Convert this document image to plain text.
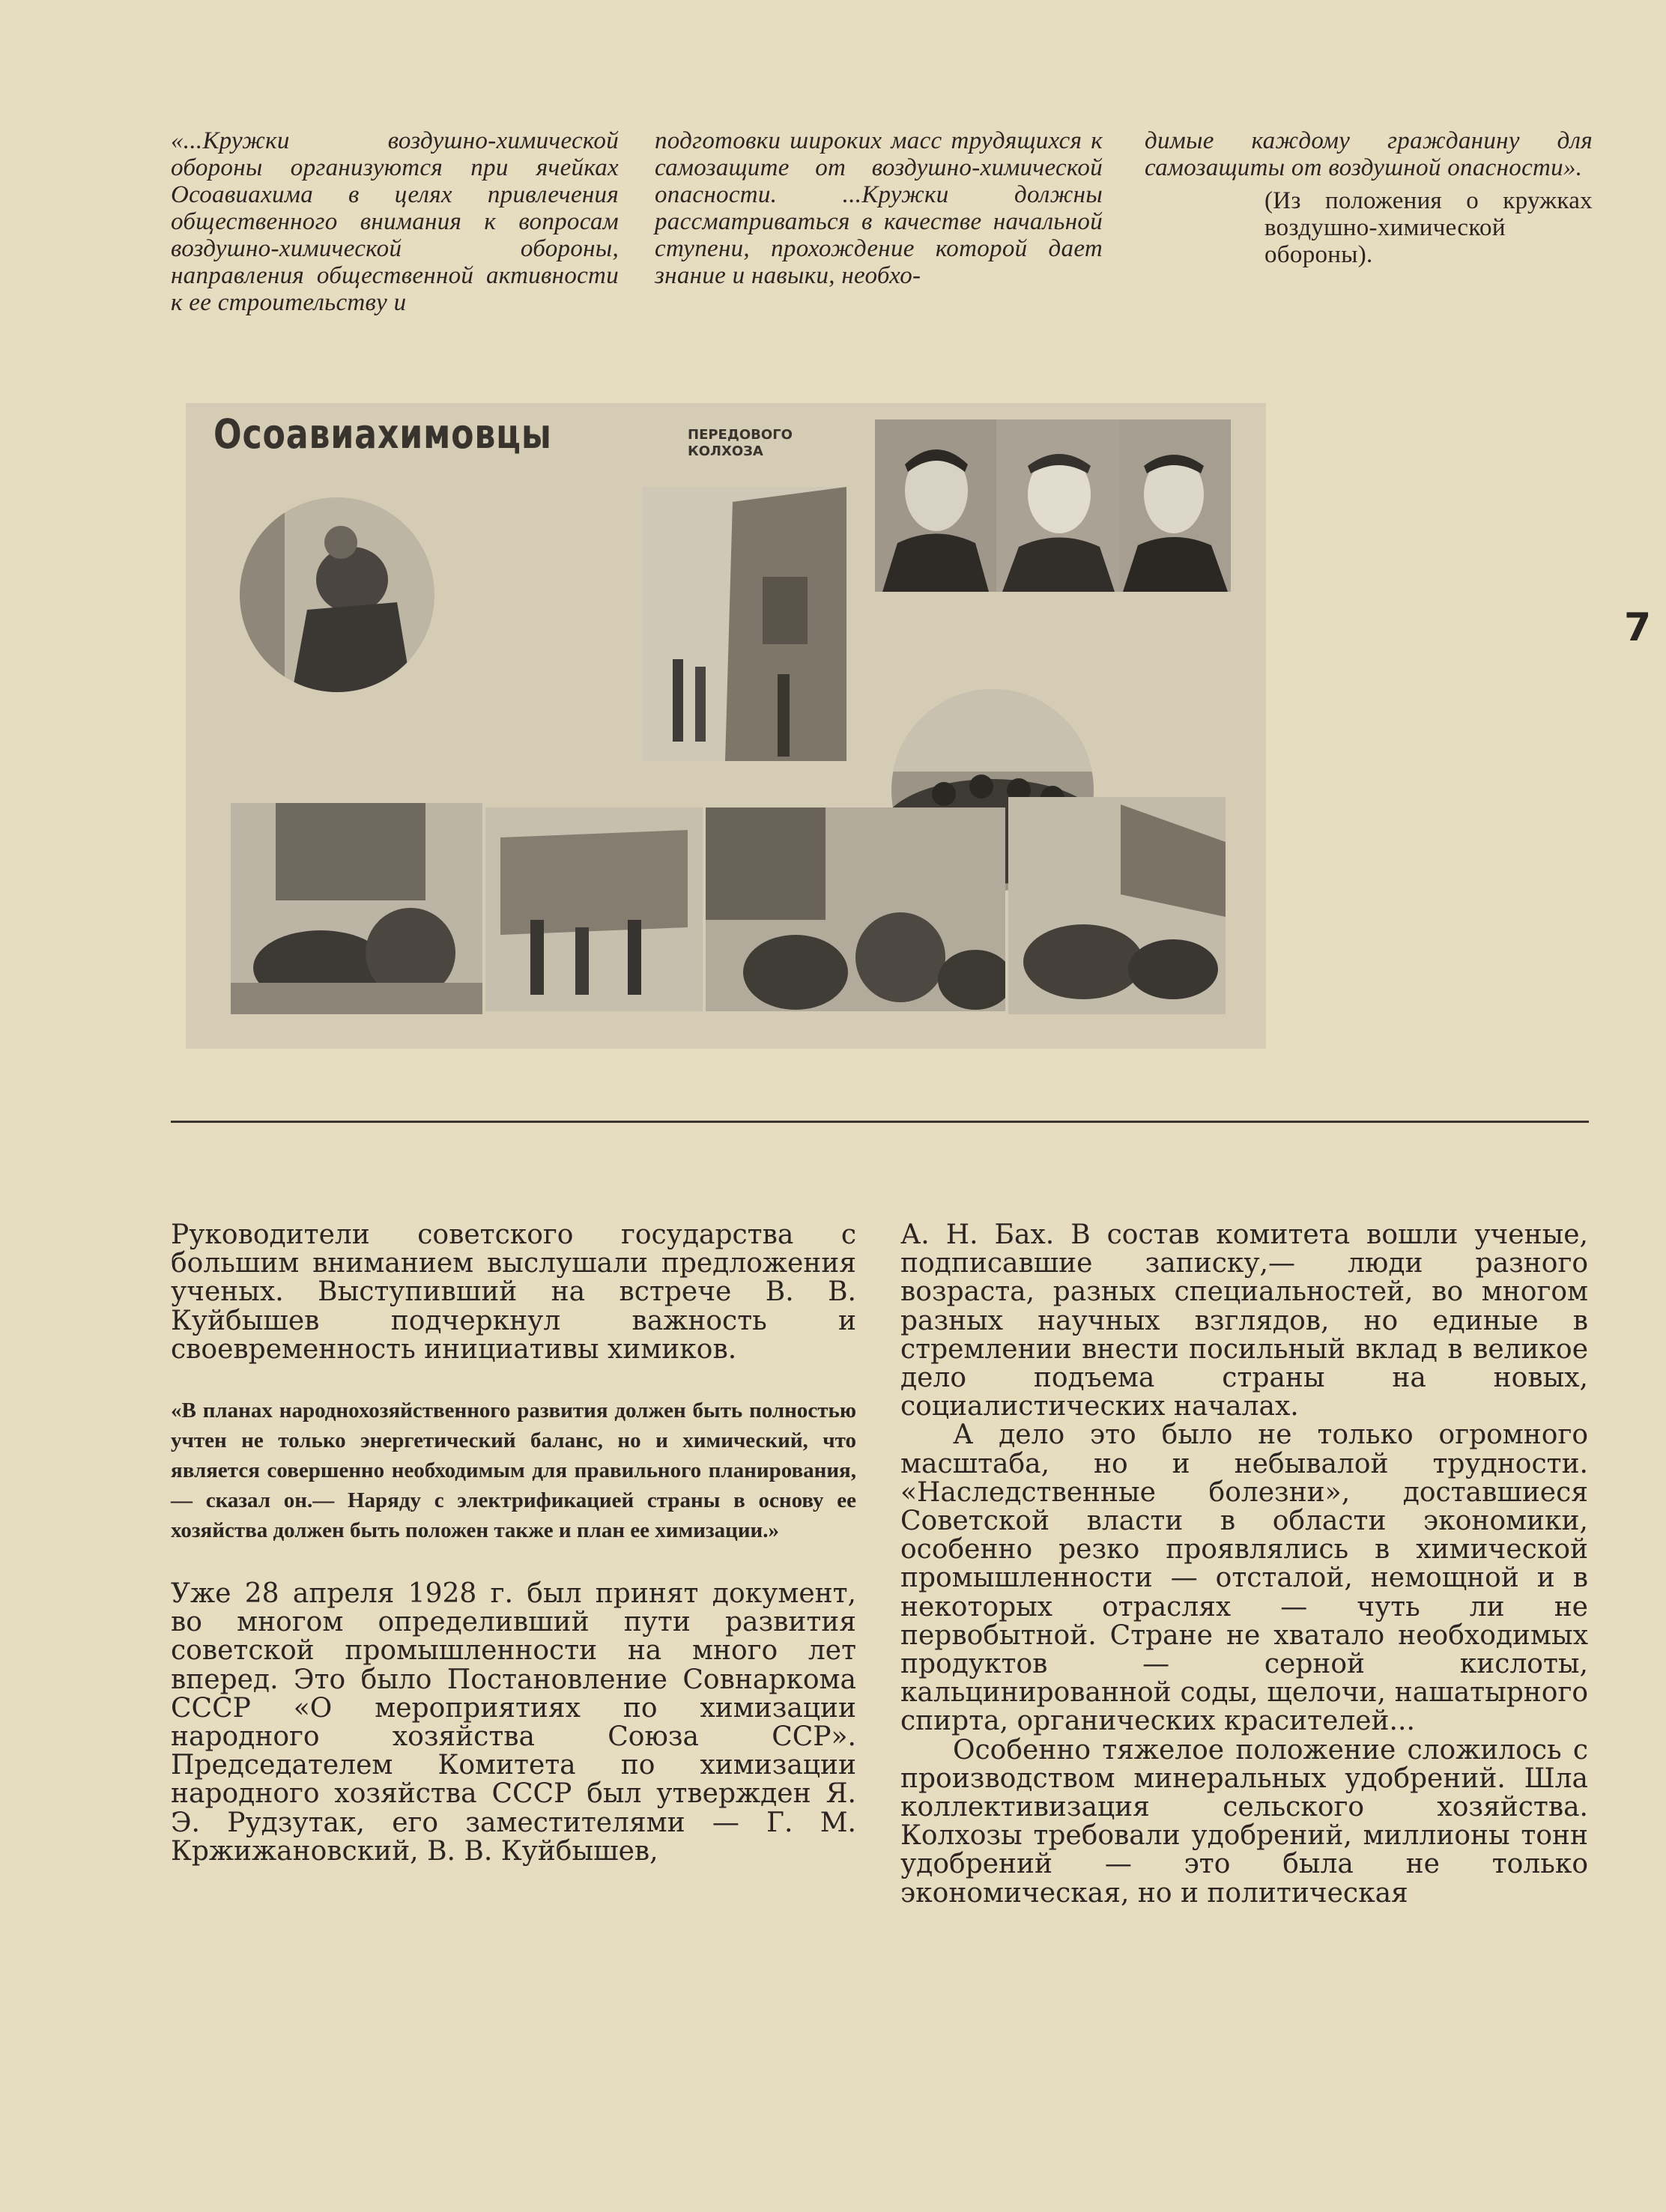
«...Кружки воздушно-химической обороны организуются при ячейках Осоавиахима в целях привлечения общественного внимания к вопросам воздушно-химической обороны, направления общественной активности к ее строительству и

подготовки широких масс трудящихся к самозащите от воздушно-химической опасности. ...Кружки должны рассматриваться в качестве начальной ступени, прохождение которой дает знание и навыки, необхо-

димые каждому гражданину для самозащиты от воздушной опасности».

(Из положения о кружках воздушно-химической обороны).

7
Осоавиахимовцы	ПЕРЕДОВОГО КОЛХОЗА

Руководители советского государства с большим вниманием выслушали предложения ученых. Выступивший на встрече В. В. Куйбышев подчеркнул важность и своевременность инициативы химиков.

«В планах народнохозяйственного развития должен быть полностью учтен не только энергетический баланс, но и химический, что является совершенно необходимым для правильного планирования,— сказал он.— Наряду с электрификацией страны в основу ее хозяйства должен быть положен также и план ее химизации.»

Уже 28 апреля 1928 г. был принят документ, во многом определивший пути развития советской промышленности на много лет вперед. Это было Постановление Совнаркома СССР «О мероприятиях по химизации народного хозяйства Союза ССР». Председателем Комитета по химизации народного хозяйства СССР был утвержден Я. Э. Рудзутак, его заместителями — Г. М. Кржижановский, В. В. Куйбышев,

А. Н. Бах. В состав комитета вошли ученые, подписавшие записку,— люди разного возраста, разных специальностей, во многом разных научных взглядов, но единые в стремлении внести посильный вклад в великое дело подъема страны на новых, социалистических началах.

А дело это было не только огромного масштаба, но и небывалой трудности. «Наследственные болезни», доставшиеся Советской власти в области экономики, особенно резко проявлялись в химической промышленности — отсталой, немощной и в некоторых отраслях — чуть ли не первобытной. Стране не хватало необходимых продуктов — серной кислоты, кальцинированной соды, щелочи, нашатырного спирта, органических красителей...

Особенно тяжелое положение сложилось с производством минеральных удобрений. Шла коллективизация сельского хозяйства. Колхозы требовали удобрений, миллионы тонн удобрений — это была не только экономическая, но и политическая
